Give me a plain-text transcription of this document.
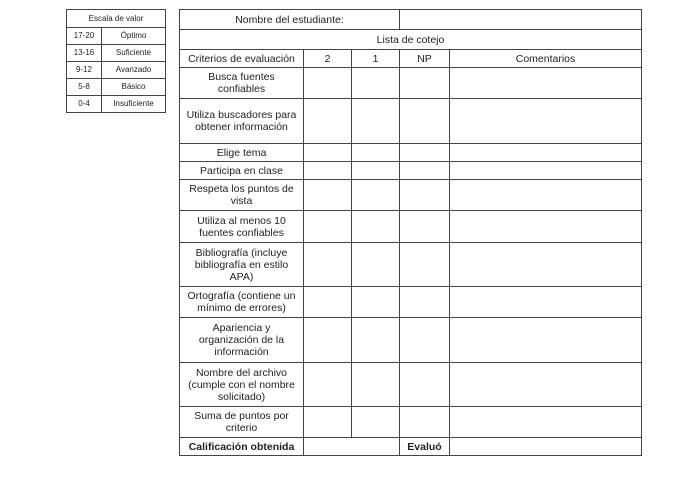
Escala de valor	
17-20	Óptimo
13-16	Suficiente
9-12	Avanzado
5-8	Básico
0-4	Insuficiente
Nombre del estudiante:				
Lista de cotejo				
Criterios de evaluación	2	1	NP	Comentarios
Busca fuentes confiables				
Utiliza buscadores para obtener información				
Elige tema				
Participa en clase				
Respeta los puntos de vista				
Utiliza al menos 10 fuentes confiables				
Bibliografía (incluye bibliografía en estilo APA)				
Ortografía (contiene un mínimo de errores)				
Apariencia y organización de la información				
Nombre del archivo (cumple con el nombre solicitado)				
Suma de puntos por criterio				
Calificación obtenida			Evaluó	
